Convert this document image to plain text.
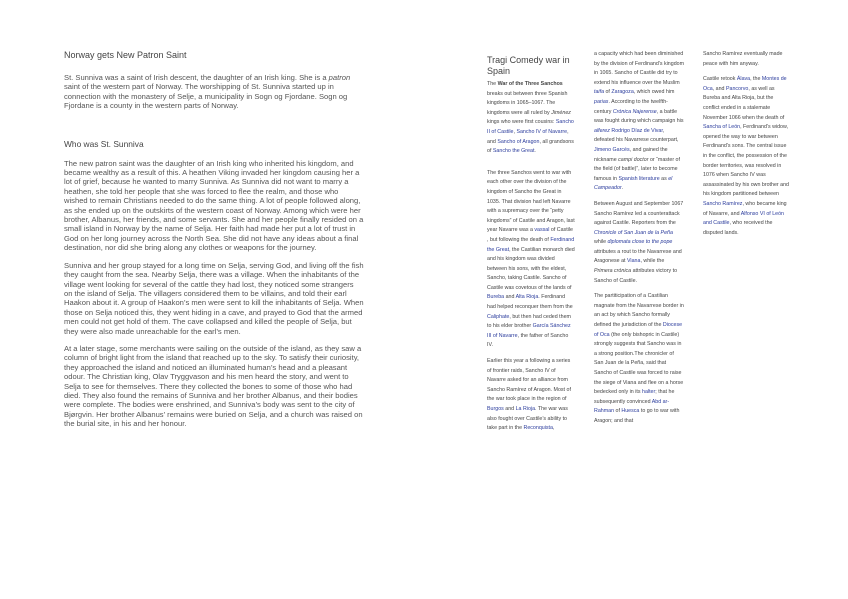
Norway gets New Patron Saint

St. Sunniva was a saint of Irish descent, the daughter of an Irish king. She is a patron saint of the western part of Norway. The worshipping of St. Sunniva started up in connection with the monastery of Selje, a municipality in Sogn og Fjordane. Sogn og Fjordane is a county in the western parts of Norway.

Who was St. Sunniva

The new patron saint was the daughter of an Irish king who inherited his kingdom, and became wealthy as a result of this. A heathen Viking invaded her kingdom causing her a lot of grief, because he wanted to marry Sunniva. As Sunniva did not want to marry a heathen, she told her people that she was forced to flee the realm, and those who wished to remain Christians needed to do the same thing. A lot of people followed along, as she ended up on the outskirts of the western coast of Norway. Among which were her brother, Albanus, her friends, and some servants. She and her people finally resided on a small island in Norway by the name of Selja. Her faith had made her put a lot of trust in God on her long journey across the North Sea. She did not have any ideas about a final destination, nor did she bring along any clothes or weapons for the journey.

Sunniva and her group stayed for a long time on Selja, serving God, and living off the fish they caught from the sea. Nearby Selja, there was a village. When the inhabitants of the village went looking for several of the cattle they had lost, they noticed some strangers on the island of Selja. The villagers considered them to be villains, and told their earl Haakon about it. A group of Haakon’s men were sent to kill the inhabitants of Selja. When those on Selja noticed this, they went hiding in a cave, and prayed to God that the armed men could not get hold of them. The cave collapsed and killed the people of Selja, but they were also made unreachable for the earl’s men.

At a later stage, some merchants were sailing on the outside of the island, as they saw a column of bright light from the island that reached up to the sky. To satisfy their curiosity, they approached the island and noticed an illuminated human’s head and a pleasant odour. The Christian king, Olav Tryggvason and his men heard the story, and went to Selja to see for themselves. There they collected the bones to some of those who had died. They also found the remains of Sunniva and her brother Albanus, and their bodies were complete. The bodies were enshrined, and Sunniva’s body was sent to the city of Bjørgvin. Her brother Albanus’ remains were buried on Selja, and a church was raised on the burial site, in his and her honour.

Tragi Comedy war in Spain

The War of the Three Sanchos breaks out between three Spanish kingdoms in 1065–1067. The kingdoms were all ruled by Jiménez kings who were first cousins: Sancho II of Castile, Sancho IV of Navarre, and Sancho of Aragon, all grandsons of Sancho the Great.

The three Sanchos went to war with each other over the division of the kingdom of Sancho the Great in 1035. That division had left Navarre with a supremacy over the “petty kingdoms” of Castile and Aragon, last year Navarre was a vassal of Castile , but following the death of Ferdinand the Great, the Castilian monarch died and his kingdom was divided between his sons, with the eldest, Sancho, taking Castile. Sancho of Castile was covetous of the lands of Bureba and Alta Rioja. Ferdinand had helped reconquer them from the Caliphate, but then had ceded them to his elder brother García Sánchez III of Navarre, the father of Sancho IV.

Earlier this year a following a series of frontier raids, Sancho IV of Navarre asked for an alliance from Sancho Ramírez of Aragon. Most of the war took place in the region of Burgos and La Rioja. The war was also fought over Castile’s ability to take part in the Reconquista,

a capacity which had been diminished by the division of Ferdinand’s kingdom in 1065. Sancho of Castile did try to extend his influence over the Muslim taifa of Zaragoza, which owed him parias. According to the twelfth-century Crónica Najerense, a battle was fought during which campaign his alferez Rodrigo Díaz de Vivar, defeated his Navarrese counterpart, Jimeno Garcés, and gained the nickname campi doctor or “master of the field (of battle)”, later to become famous in Spanish literature as el Campeador.

Between August and September 1067 Sancho Ramírez led a counterattack against Castile. Reporters from the Chronicle of San Juan de la Peña while diplomata close to the pope attributes a rout to the Navarrese and Aragonese at Viana, while the Primera crónica attributes victory to Sancho of Castile.

The partiticipation of a Castilian magnate from the Navarrese border in an act by which Sancho formally defined the jurisdiction of the Diocese of Oca (the only bishopric in Castile) strongly suggests that Sancho was in a strong position.The chronicler of San Juan de la Peña, said that Sancho of Castile was forced to raise the siege of Viana and flee on a horse bedecked only in its halter; that he subsequently convinced Abd ar-Rahman of Huesca to go to war with Aragon; and that

Sancho Ramírez eventually made peace with him anyway.

Castile retook Álava, the Montes de Oca, and Pancorvo, as well as Bureba and Alta Rioja, but the conflict ended in a stalemate November 1066 when the death of Sancha of León, Ferdinand’s widow, opened the way to war between Ferdinand’s sons. The central issue in the conflict, the possession of the border territories, was resolved in 1076 when Sancho IV was assassinated by his own brother and his kingdom partitioned between Sancho Ramírez, who became king of Navarre, and Alfonso VI of León and Castile, who received the disputed lands.
